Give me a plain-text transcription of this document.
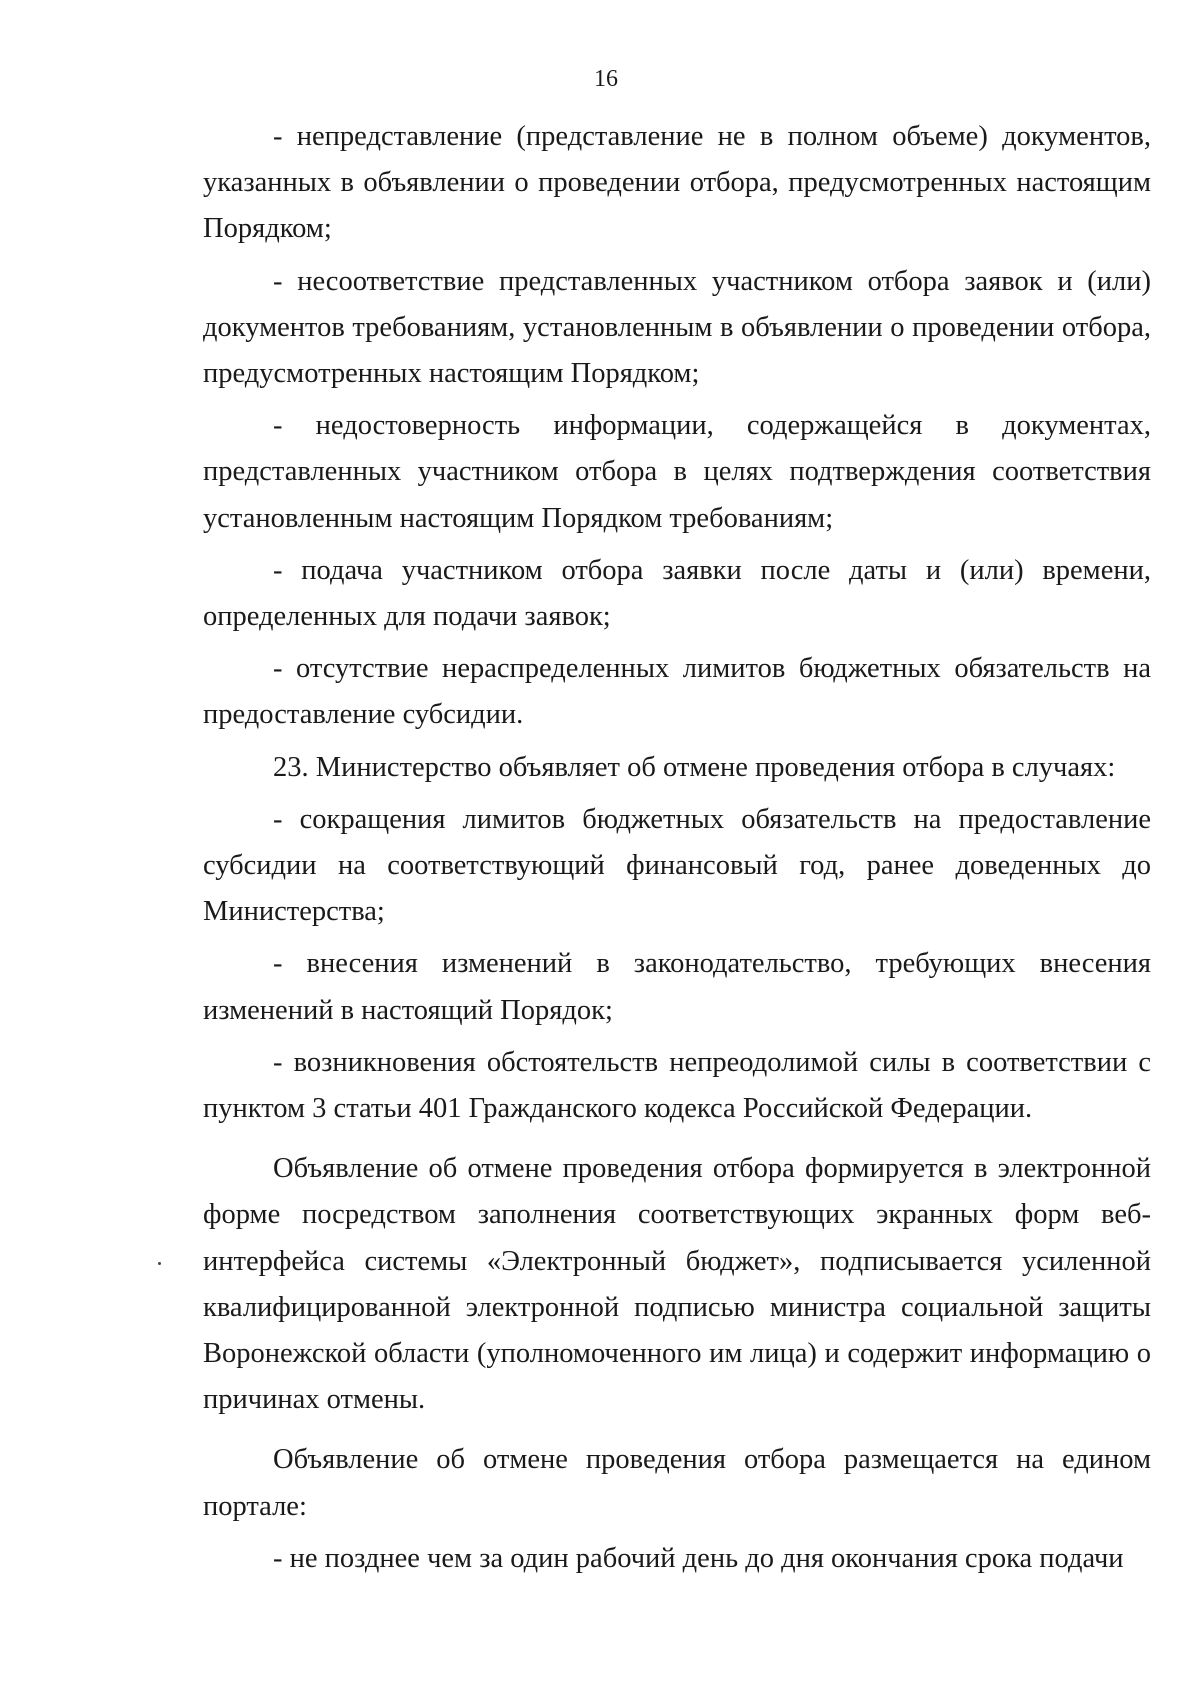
16

- непредставление (представление не в полном объеме) документов, указанных в объявлении о проведении отбора, предусмотренных настоящим Порядком;

- несоответствие представленных участником отбора заявок и (или) документов требованиям, установленным в объявлении о проведении отбора, предусмотренных настоящим Порядком;

- недостоверность информации, содержащейся в документах, представленных участником отбора в целях подтверждения соответствия установленным настоящим Порядком требованиям;

- подача участником отбора заявки после даты и (или) времени, определенных для подачи заявок;

- отсутствие нераспределенных лимитов бюджетных обязательств на предоставление субсидии.

23. Министерство объявляет об отмене проведения отбора в случаях:

- сокращения лимитов бюджетных обязательств на предоставление субсидии на соответствующий финансовый год, ранее доведенных до Министерства;

- внесения изменений в законодательство, требующих внесения изменений в настоящий Порядок;

- возникновения обстоятельств непреодолимой силы в соответствии с пунктом 3 статьи 401 Гражданского кодекса Российской Федерации.

Объявление об отмене проведения отбора формируется в электронной форме посредством заполнения соответствующих экранных форм веб-интерфейса системы «Электронный бюджет», подписывается усиленной квалифицированной электронной подписью министра социальной защиты Воронежской области (уполномоченного им лица) и содержит информацию о причинах отмены.

Объявление об отмене проведения отбора размещается на едином портале:

- не позднее чем за один рабочий день до дня окончания срока подачи
